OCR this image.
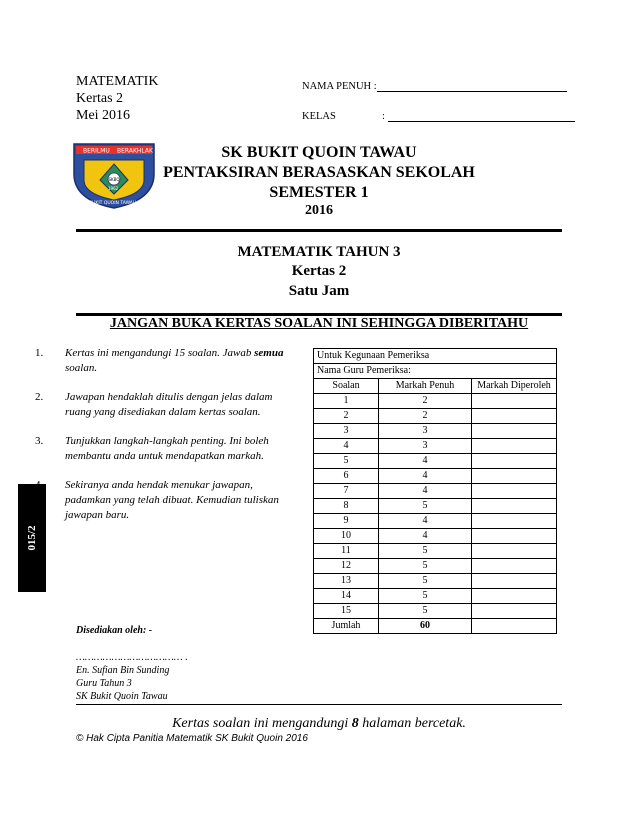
MATEMATIK
Kertas 2
Mei 2016
NAMA PENUH :
KELAS	:
BERILMU BERAKHLAK
SKBQ
1962
BUKIT QUOIN TAWAU
SK BUKIT QUOIN TAWAU
PENTAKSIRAN BERASASKAN SEKOLAH
SEMESTER 1
2016
MATEMATIK TAHUN 3
Kertas 2
Satu Jam
JANGAN BUKA KERTAS SOALAN INI SEHINGGA DIBERITAHU
1.	Kertas ini mengandungi 15 soalan. Jawab semua soalan.
2.	Jawapan hendaklah ditulis dengan jelas dalam ruang yang disediakan dalam kertas soalan.
3.	Tunjukkan langkah-langkah penting. Ini boleh membantu anda untuk mendapatkan markah.
Sekiranya anda hendak menukar jawapan, padamkan yang telah dibuat. Kemudian tuliskan jawapan baru.
015/2
Untuk Kegunaan Pemeriksa		
Nama Guru Pemeriksa:		
Soalan	Markah Penuh	Markah Diperoleh
1	2	
2	2	
3	3	
4	3	
5	4	
6	4	
7	4	
8	5	
9	4	
10	4	
11	5	
12	5	
13	5	
14	5	
15	5	
Jumlah	60	
Disediakan oleh: -
……………………………… .
En. Sufian Bin Sunding
Guru Tahun 3
SK Bukit Quoin Tawau
Kertas soalan ini mengandungi 8 halaman bercetak.
© Hak Cipta Panitia Matematik SK Bukit Quoin 2016
